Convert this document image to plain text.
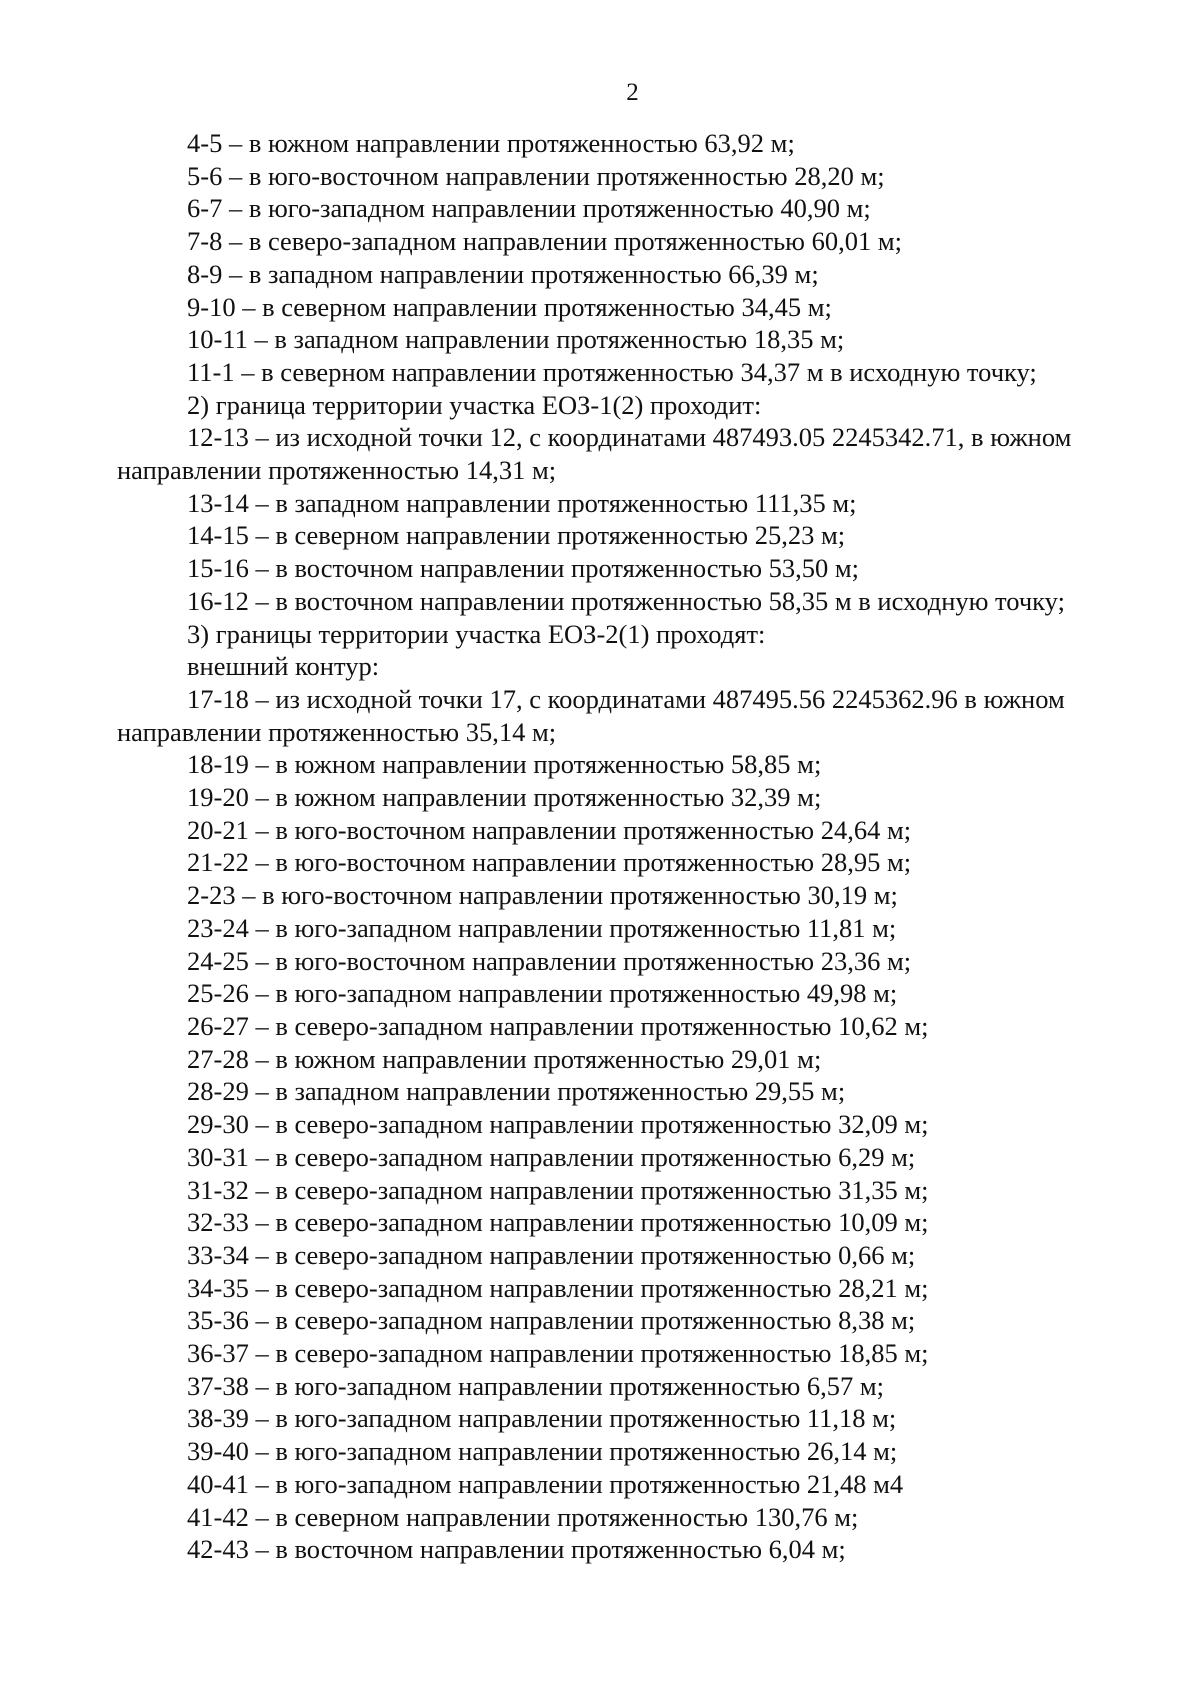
2
4-5 – в южном направлении протяженностью 63,92 м;
5-6 – в юго-восточном направлении протяженностью 28,20 м;
6-7 – в юго-западном направлении протяженностью 40,90 м;
7-8 – в северо-западном направлении протяженностью 60,01 м;
8-9 – в западном направлении протяженностью 66,39 м;
9-10 – в северном направлении протяженностью 34,45 м;
10-11 – в западном направлении протяженностью 18,35 м;
11-1 – в северном направлении протяженностью 34,37 м в исходную точку;
2) граница территории участка ЕОЗ-1(2) проходит:
12-13 – из исходной точки 12, с координатами 487493.05 2245342.71, в южном
направлении протяженностью 14,31 м;
13-14 – в западном направлении протяженностью 111,35 м;
14-15 – в северном направлении протяженностью 25,23 м;
15-16 – в восточном направлении протяженностью 53,50 м;
16-12 – в восточном направлении протяженностью 58,35 м в исходную точку;
3) границы территории участка ЕОЗ-2(1) проходят:
внешний контур:
17-18 – из исходной точки 17, с координатами 487495.56 2245362.96 в южном
направлении протяженностью 35,14 м;
18-19 – в южном направлении протяженностью 58,85 м;
19-20 – в южном направлении протяженностью 32,39 м;
20-21 – в юго-восточном направлении протяженностью 24,64 м;
21-22 – в юго-восточном направлении протяженностью 28,95 м;
2-23 – в юго-восточном направлении протяженностью 30,19 м;
23-24 – в юго-западном направлении протяженностью 11,81 м;
24-25 – в юго-восточном направлении протяженностью 23,36 м;
25-26 – в юго-западном направлении протяженностью 49,98 м;
26-27 – в северо-западном направлении протяженностью 10,62 м;
27-28 – в южном направлении протяженностью 29,01 м;
28-29 – в западном направлении протяженностью 29,55 м;
29-30 – в северо-западном направлении протяженностью 32,09 м;
30-31 – в северо-западном направлении протяженностью 6,29 м;
31-32 – в северо-западном направлении протяженностью 31,35 м;
32-33 – в северо-западном направлении протяженностью 10,09 м;
33-34 – в северо-западном направлении протяженностью 0,66 м;
34-35 – в северо-западном направлении протяженностью 28,21 м;
35-36 – в северо-западном направлении протяженностью 8,38 м;
36-37 – в северо-западном направлении протяженностью 18,85 м;
37-38 – в юго-западном направлении протяженностью 6,57 м;
38-39 – в юго-западном направлении протяженностью 11,18 м;
39-40 – в юго-западном направлении протяженностью 26,14 м;
40-41 – в юго-западном направлении протяженностью 21,48 м4
41-42 – в северном направлении протяженностью 130,76 м;
42-43 – в восточном направлении протяженностью 6,04 м;
